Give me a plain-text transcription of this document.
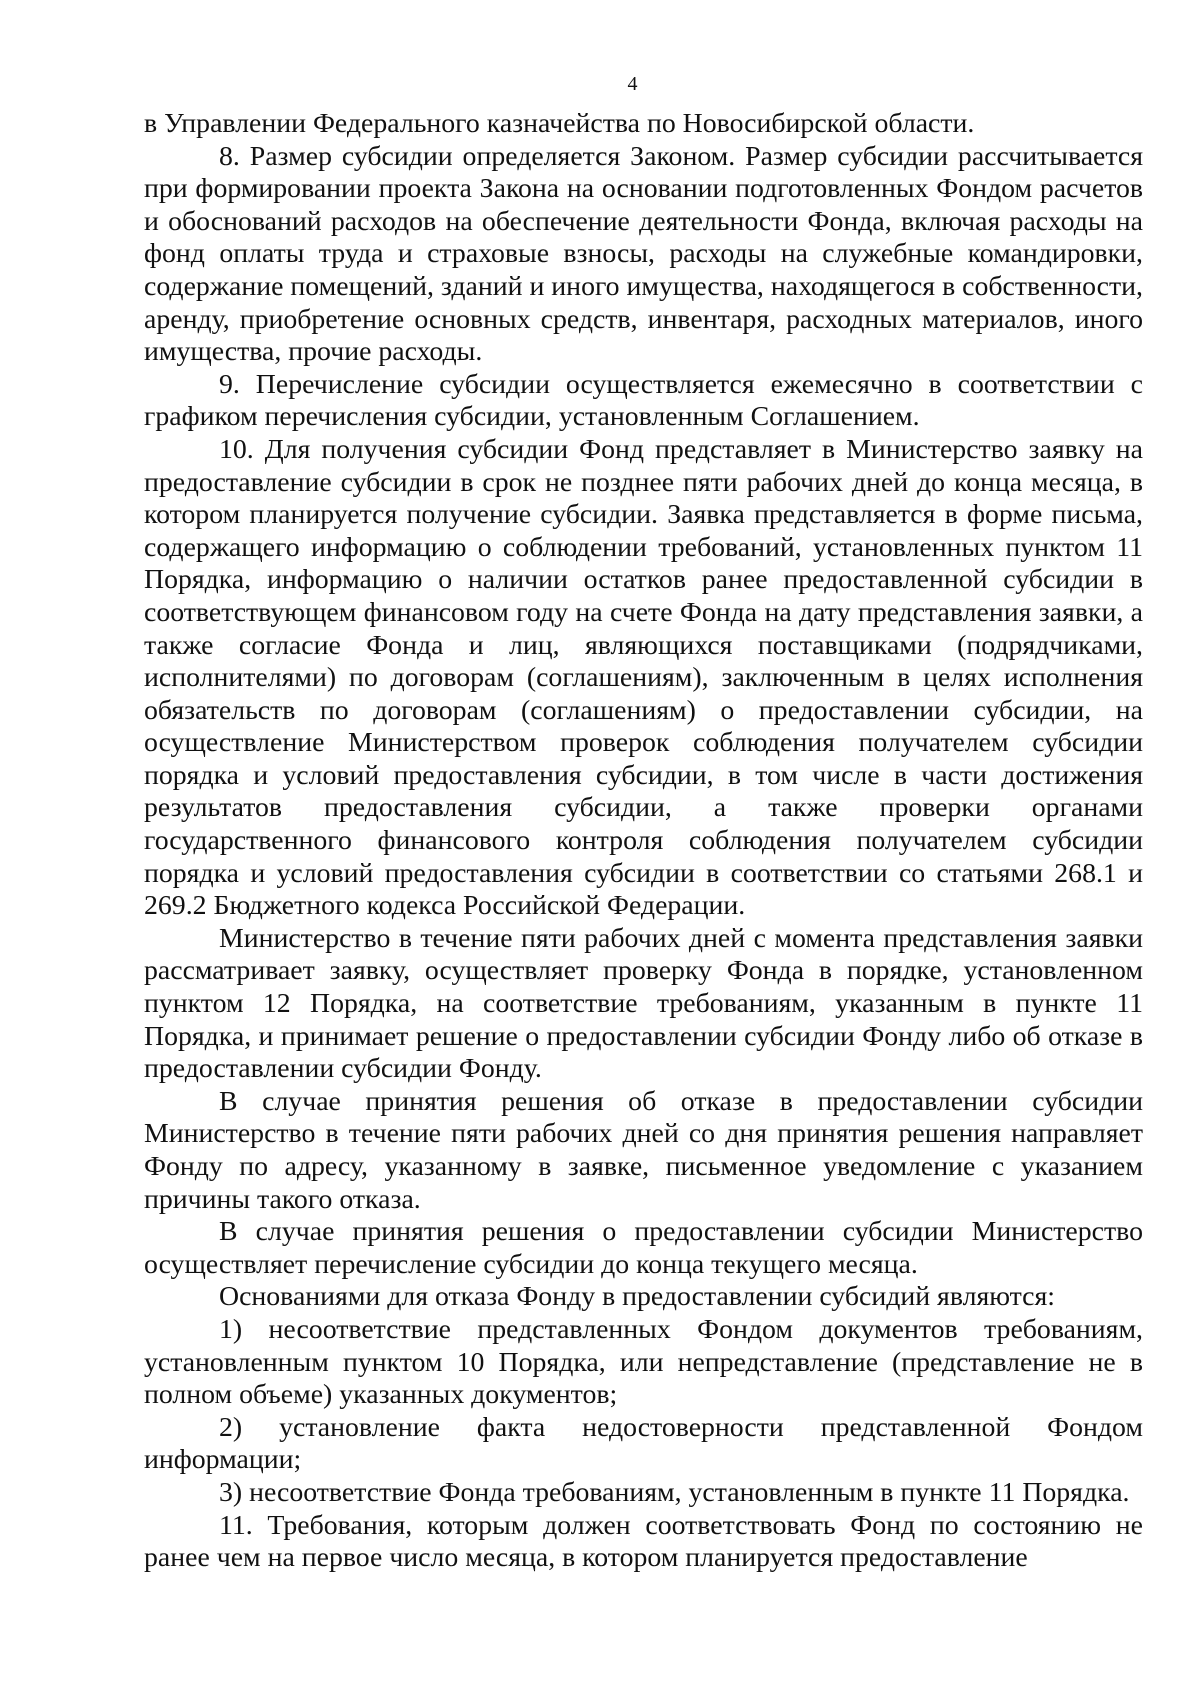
4

в Управлении Федерального казначейства по Новосибирской области.

8. Размер субсидии определяется Законом. Размер субсидии рассчитывается при формировании проекта Закона на основании подготовленных Фондом расчетов и обоснований расходов на обеспечение деятельности Фонда, включая расходы на фонд оплаты труда и страховые взносы, расходы на служебные командировки, содержание помещений, зданий и иного имущества, находящегося в собственности, аренду, приобретение основных средств, инвентаря, расходных материалов, иного имущества, прочие расходы.

9. Перечисление субсидии осуществляется ежемесячно в соответствии с графиком перечисления субсидии, установленным Соглашением.

10. Для получения субсидии Фонд представляет в Министерство заявку на предоставление субсидии в срок не позднее пяти рабочих дней до конца месяца, в котором планируется получение субсидии. Заявка представляется в форме письма, содержащего информацию о соблюдении требований, установленных пунктом 11 Порядка, информацию о наличии остатков ранее предоставленной субсидии в соответствующем финансовом году на счете Фонда на дату представления заявки, а также согласие Фонда и лиц, являющихся поставщиками (подрядчиками, исполнителями) по договорам (соглашениям), заключенным в целях исполнения обязательств по договорам (соглашениям) о предоставлении субсидии, на осуществление Министерством проверок соблюдения получателем субсидии порядка и условий предоставления субсидии, в том числе в части достижения результатов предоставления субсидии, а также проверки органами государственного финансового контроля соблюдения получателем субсидии порядка и условий предоставления субсидии в соответствии со статьями 268.1 и 269.2 Бюджетного кодекса Российской Федерации.

Министерство в течение пяти рабочих дней с момента представления заявки рассматривает заявку, осуществляет проверку Фонда в порядке, установленном пунктом 12 Порядка, на соответствие требованиям, указанным в пункте 11 Порядка, и принимает решение о предоставлении субсидии Фонду либо об отказе в предоставлении субсидии Фонду.

В случае принятия решения об отказе в предоставлении субсидии Министерство в течение пяти рабочих дней со дня принятия решения направляет Фонду по адресу, указанному в заявке, письменное уведомление с указанием причины такого отказа.

В случае принятия решения о предоставлении субсидии Министерство осуществляет перечисление субсидии до конца текущего месяца.

Основаниями для отказа Фонду в предоставлении субсидий являются:

1) несоответствие представленных Фондом документов требованиям, установленным пунктом 10 Порядка, или непредставление (представление не в полном объеме) указанных документов;

2) установление факта недостоверности представленной Фондом информации;

3) несоответствие Фонда требованиям, установленным в пункте 11 Порядка.

11. Требования, которым должен соответствовать Фонд по состоянию не ранее чем на первое число месяца, в котором планируется предоставление
